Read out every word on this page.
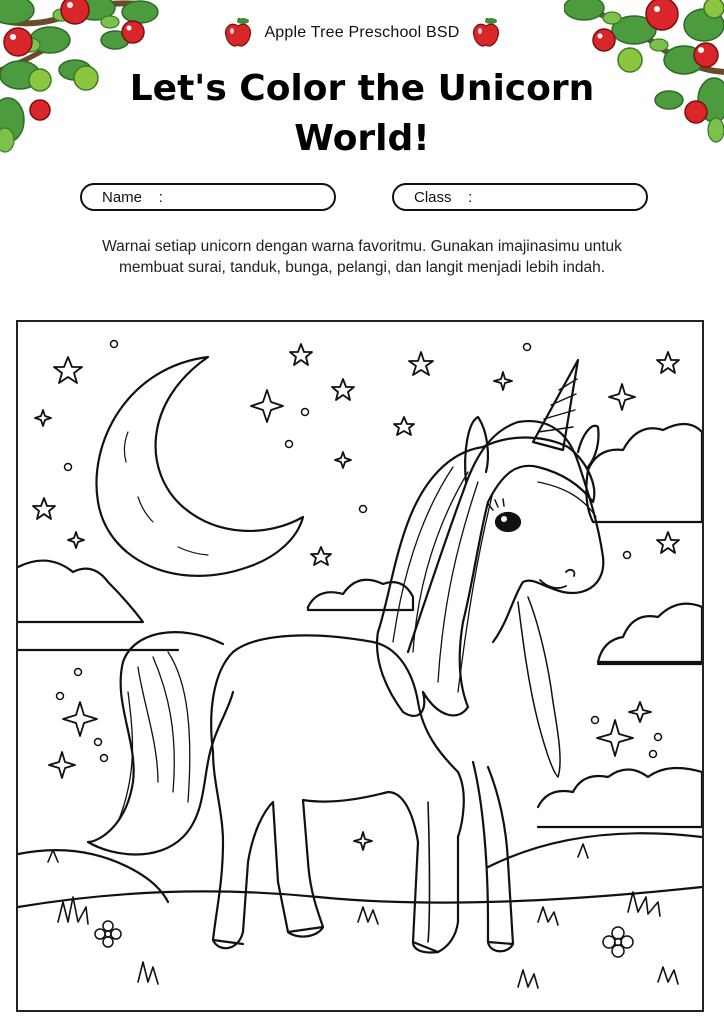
Apple Tree Preschool BSD
Let's Color the Unicorn
World!
Name    :	Class    :
Warnai setiap unicorn dengan warna favoritmu. Gunakan imajinasimu untuk
membuat surai, tanduk, bunga, pelangi, dan langit menjadi lebih indah.
